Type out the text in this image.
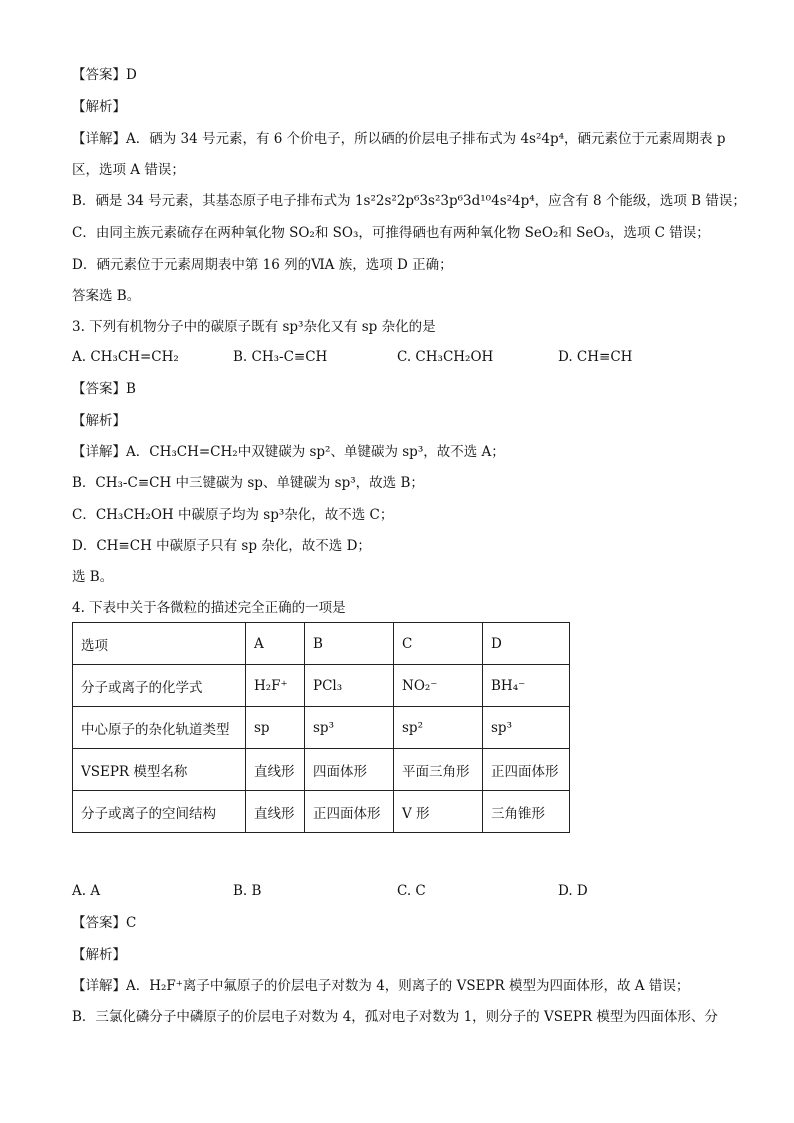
【答案】D
【解析】
【详解】A．硒为 34 号元素，有 6 个价电子，所以硒的价层电子排布式为 4s²4p⁴，硒元素位于元素周期表 p
区，选项 A 错误；
B．硒是 34 号元素，其基态原子电子排布式为 1s²2s²2p⁶3s²3p⁶3d¹⁰4s²4p⁴，应含有 8 个能级，选项 B 错误；
C．由同主族元素硫存在两种氧化物 SO₂和 SO₃，可推得硒也有两种氧化物 SeO₂和 SeO₃，选项 C 错误；
D．硒元素位于元素周期表中第 16 列的ⅥA 族，选项 D 正确；
答案选 B。
3. 下列有机物分子中的碳原子既有 sp³杂化又有 sp 杂化的是
A. CH₃CH=CH₂	B. CH₃-C≡CH	C. CH₃CH₂OH	D. CH≡CH
【答案】B
【解析】
【详解】A．CH₃CH=CH₂中双键碳为 sp²、单键碳为 sp³，故不选 A；
B．CH₃-C≡CH 中三键碳为 sp、单键碳为 sp³，故选 B；
C．CH₃CH₂OH 中碳原子均为 sp³杂化，故不选 C；
D．CH≡CH 中碳原子只有 sp 杂化，故不选 D；
选 B。
4. 下表中关于各微粒的描述完全正确的一项是
选项	A	B	C	D
分子或离子的化学式	H₂F⁺	PCl₃	NO₂⁻	BH₄⁻
中心原子的杂化轨道类型	sp	sp³	sp²	sp³
VSEPR 模型名称	直线形	四面体形	平面三角形	正四面体形
分子或离子的空间结构	直线形	正四面体形	V 形	三角锥形
A. A	B. B	C. C	D. D
【答案】C
【解析】
【详解】A．H₂F⁺离子中氟原子的价层电子对数为 4，则离子的 VSEPR 模型为四面体形，故 A 错误；
B．三氯化磷分子中磷原子的价层电子对数为 4，孤对电子对数为 1，则分子的 VSEPR 模型为四面体形、分
